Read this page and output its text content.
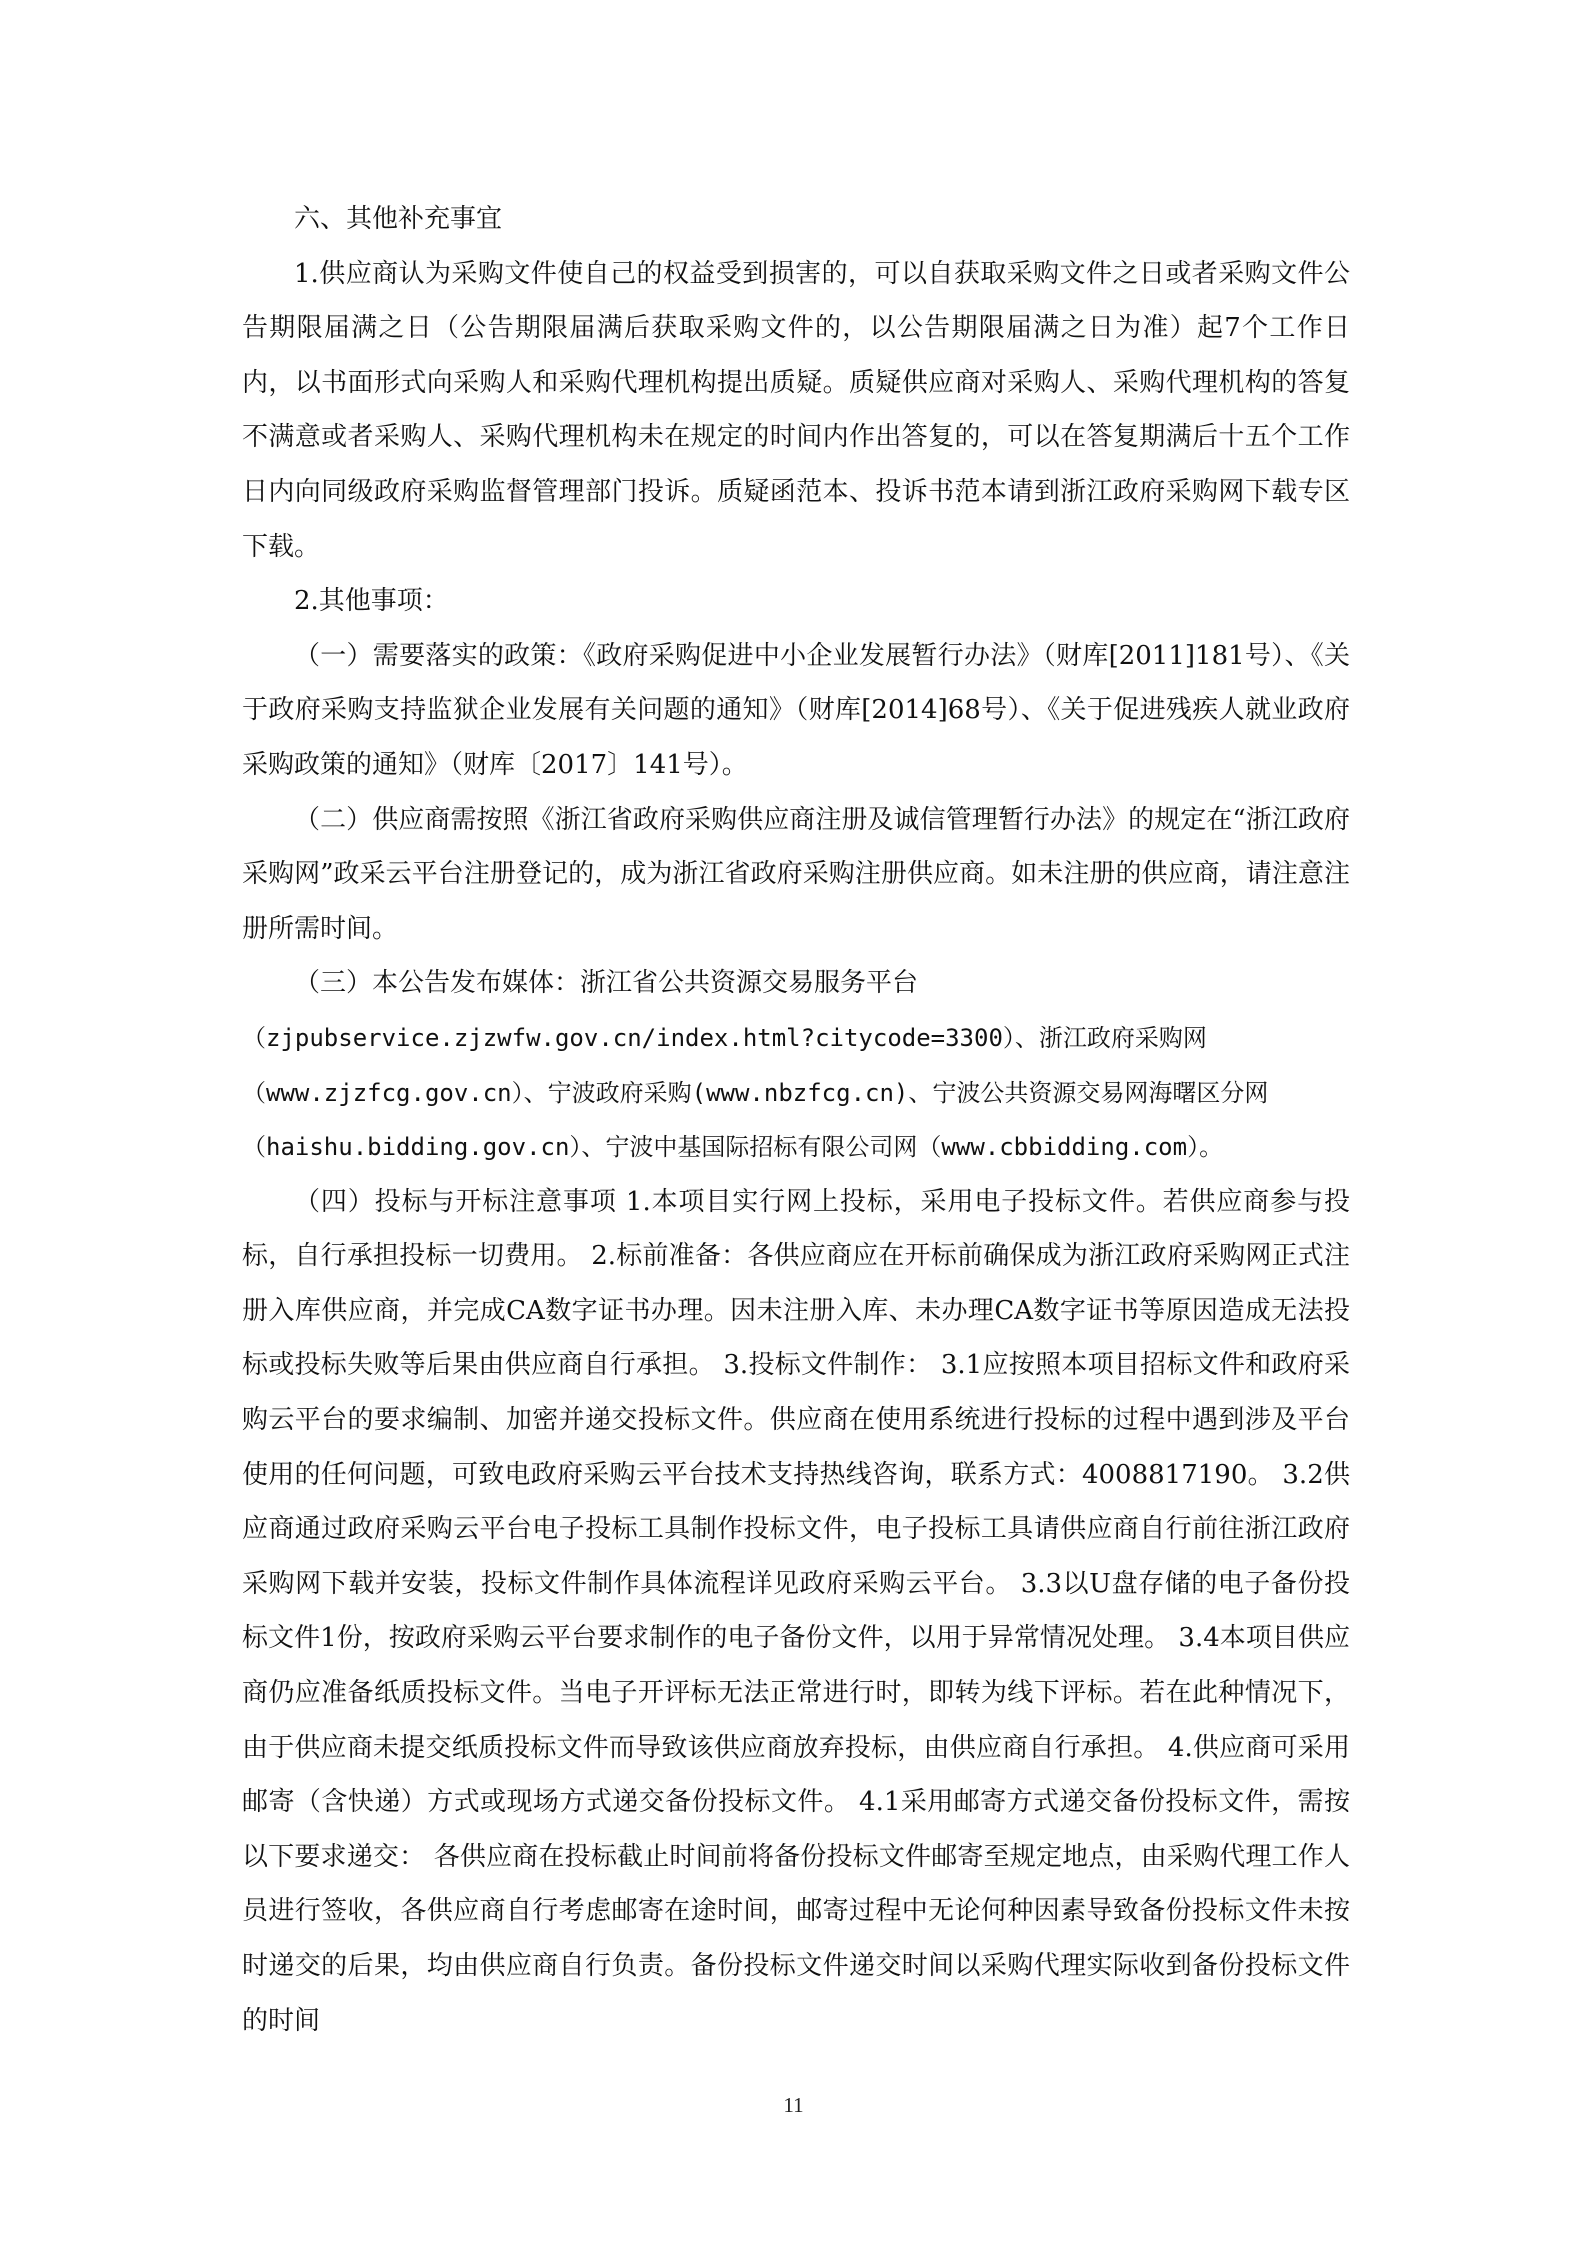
六、其他补充事宜

1.供应商认为采购文件使自己的权益受到损害的，可以自获取采购文件之日或者采购文件公告期限届满之日（公告期限届满后获取采购文件的，以公告期限届满之日为准）起7个工作日内，以书面形式向采购人和采购代理机构提出质疑。质疑供应商对采购人、采购代理机构的答复不满意或者采购人、采购代理机构未在规定的时间内作出答复的，可以在答复期满后十五个工作日内向同级政府采购监督管理部门投诉。质疑函范本、投诉书范本请到浙江政府采购网下载专区下载。

2.其他事项：

（一）需要落实的政策：《政府采购促进中小企业发展暂行办法》（财库[2011]181号）、《关于政府采购支持监狱企业发展有关问题的通知》（财库[2014]68号）、《关于促进残疾人就业政府采购政策的通知》（财库〔2017〕141号）。

（二）供应商需按照《浙江省政府采购供应商注册及诚信管理暂行办法》的规定在“浙江政府采购网”政采云平台注册登记的，成为浙江省政府采购注册供应商。如未注册的供应商，请注意注册所需时间。

（三）本公告发布媒体：浙江省公共资源交易服务平台

（zjpubservice.zjzwfw.gov.cn/index.html?citycode=3300）、浙江政府采购网

（www.zjzfcg.gov.cn）、宁波政府采购(www.nbzfcg.cn)、宁波公共资源交易网海曙区分网

（haishu.bidding.gov.cn）、宁波中基国际招标有限公司网（www.cbbidding.com）。

（四）投标与开标注意事项 1.本项目实行网上投标，采用电子投标文件。若供应商参与投标，自行承担投标一切费用。 2.标前准备：各供应商应在开标前确保成为浙江政府采购网正式注册入库供应商，并完成CA数字证书办理。因未注册入库、未办理CA数字证书等原因造成无法投标或投标失败等后果由供应商自行承担。 3.投标文件制作： 3.1应按照本项目招标文件和政府采购云平台的要求编制、加密并递交投标文件。供应商在使用系统进行投标的过程中遇到涉及平台使用的任何问题，可致电政府采购云平台技术支持热线咨询，联系方式：4008817190。 3.2供应商通过政府采购云平台电子投标工具制作投标文件，电子投标工具请供应商自行前往浙江政府采购网下载并安装，投标文件制作具体流程详见政府采购云平台。 3.3以U盘存储的电子备份投标文件1份，按政府采购云平台要求制作的电子备份文件，以用于异常情况处理。 3.4本项目供应商仍应准备纸质投标文件。当电子开评标无法正常进行时，即转为线下评标。若在此种情况下，由于供应商未提交纸质投标文件而导致该供应商放弃投标，由供应商自行承担。 4.供应商可采用邮寄（含快递）方式或现场方式递交备份投标文件。 4.1采用邮寄方式递交备份投标文件，需按以下要求递交： 各供应商在投标截止时间前将备份投标文件邮寄至规定地点，由采购代理工作人员进行签收，各供应商自行考虑邮寄在途时间，邮寄过程中无论何种因素导致备份投标文件未按时递交的后果，均由供应商自行负责。备份投标文件递交时间以采购代理实际收到备份投标文件的时间

11
